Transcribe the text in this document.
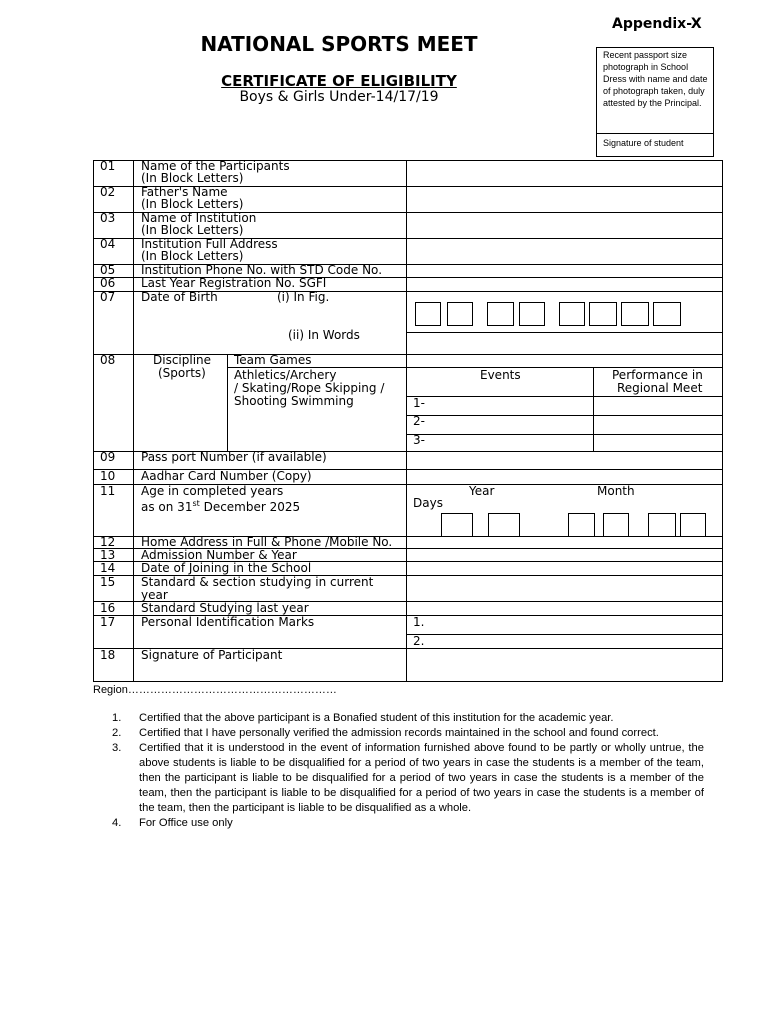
Appendix-X
NATIONAL SPORTS MEET
CERTIFICATE OF ELIGIBILITY
Boys & Girls Under-14/17/19
Recent passport size photograph in School Dress with name and date of photograph taken, duly attested by the Principal.
Signature of student
01 Name of the Participants
(In Block Letters)
02 Father's Name
(In Block Letters)
03 Name of Institution
(In Block Letters)
04 Institution Full Address
(In Block Letters)
05 Institution Phone No. with STD Code No.
06 Last Year Registration No. SGFI
07 Date of Birth	(i) In Fig.
(ii) In Words
08	Discipline
(Sports)
Team Games
Athletics/Archery
/ Skating/Rope Skipping /
Shooting Swimming
Events	Performance in
Regional Meet
1-
2-
3-
09 Pass port Number (if available)
10 Aadhar Card Number (Copy)
11 Age in completed years
as on 31st December 2025
Year	Month
Days
12 Home Address in Full & Phone /Mobile No.
13 Admission Number & Year
14 Date of Joining in the School
15 Standard & section studying in current
year
16 Standard Studying last year
17 Personal Identification Marks	1.
2.
18 Signature of Participant
Region…………………………………………………
1. Certified that the above participant is a Bonafied student of this institution for the academic year.
2. Certified that I have personally verified the admission records maintained in the school and found correct.
3. Certified that it is understood in the event of information furnished above found to be partly or wholly untrue, the above students is liable to be disqualified for a period of two years in case the students is a member of the team, then the participant is liable to be disqualified for a period of two years in case the students is a member of the team, then the participant is liable to be disqualified for a period of two years in case the students is a member of the team, then the participant is liable to be disqualified as a whole.
4. For Office use only
